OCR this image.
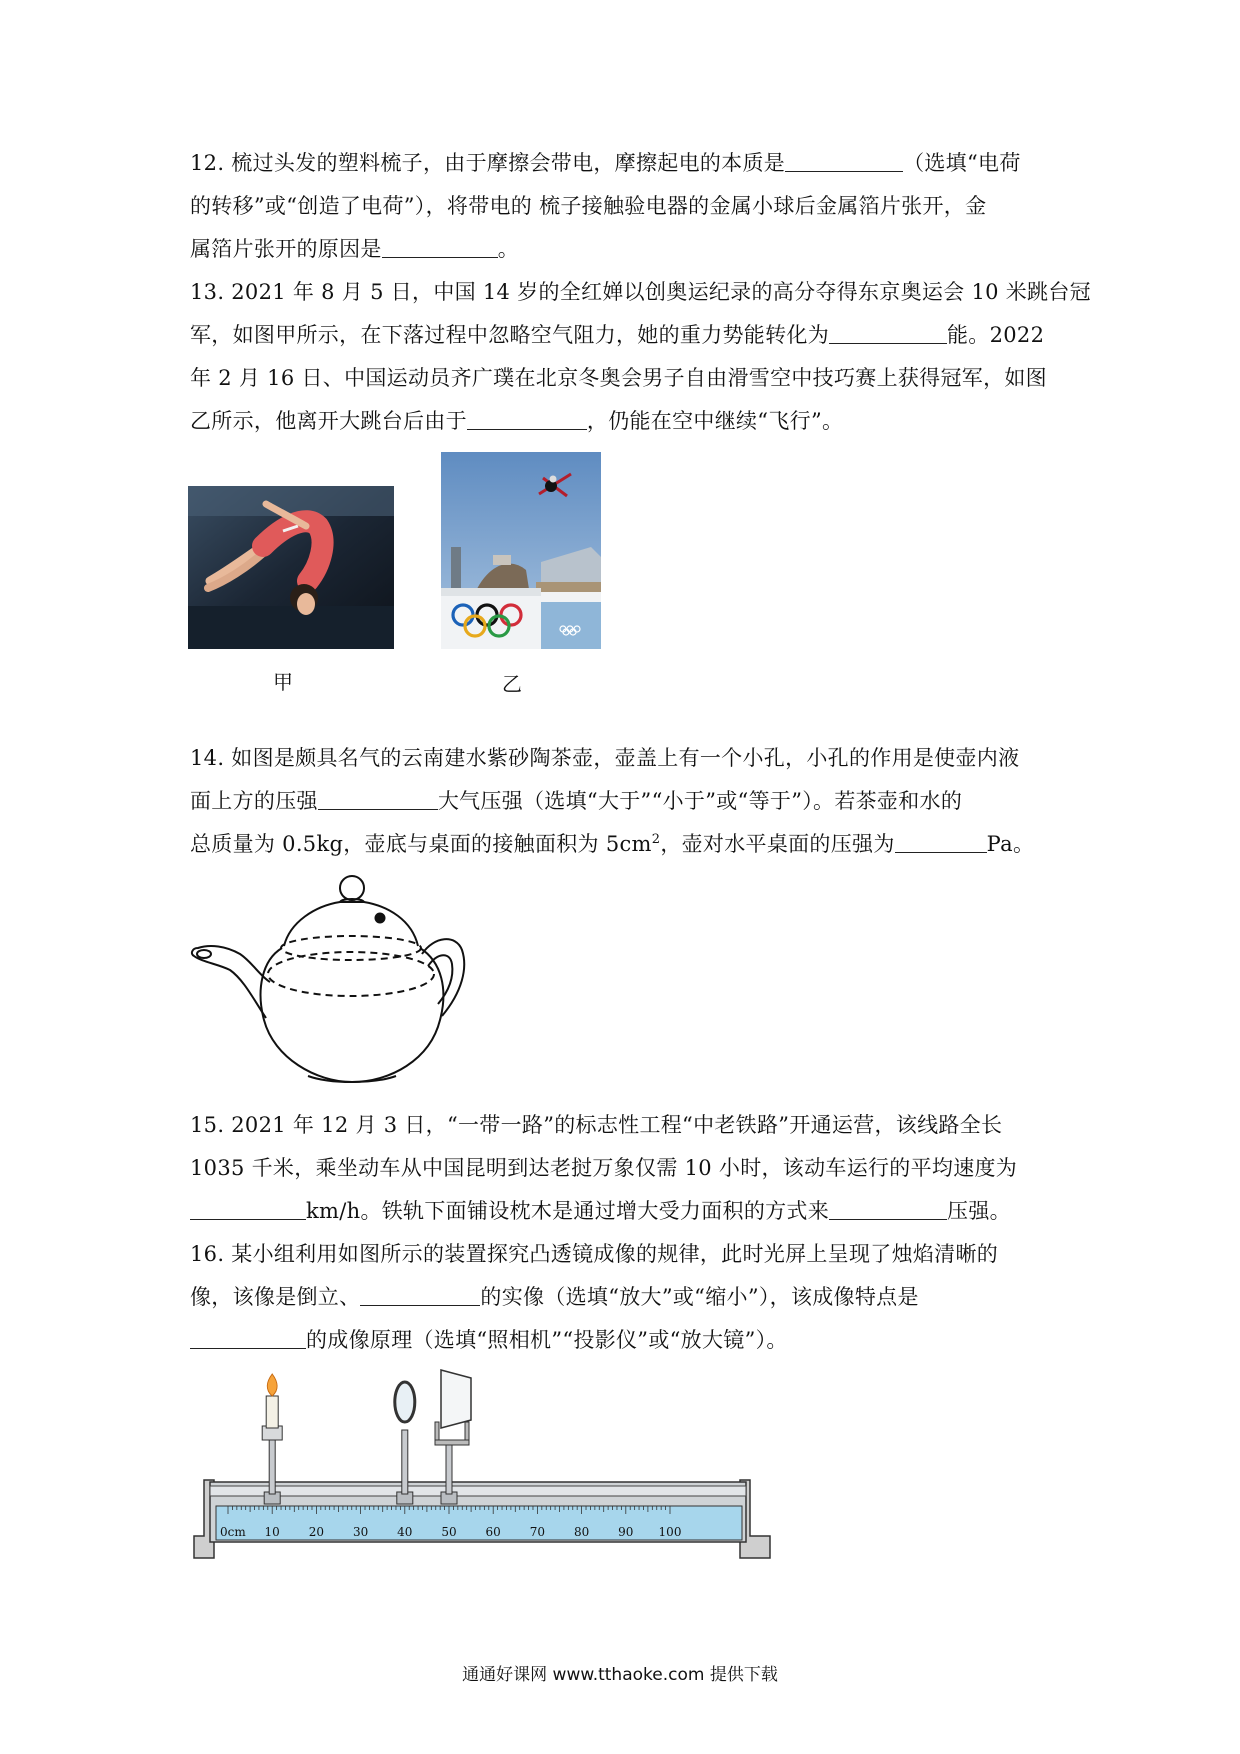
12. 梳过头发的塑料梳子，由于摩擦会带电，摩擦起电的本质是	（选填“电荷
的转移”或“创造了电荷”），将带电的 梳子接触验电器的金属小球后金属箔片张开，金
属箔片张开的原因是	。
13. 2021 年 8 月 5 日，中国 14 岁的全红婵以创奥运纪录的高分夺得东京奥运会 10 米跳台冠
军，如图甲所示，在下落过程中忽略空气阻力，她的重力势能转化为	能。2022
年 2 月 16 日、中国运动员齐广璞在北京冬奥会男子自由滑雪空中技巧赛上获得冠军，如图
乙所示，他离开大跳台后由于	，仍能在空中继续“飞行”。
甲	乙
14. 如图是颇具名气的云南建水紫砂陶茶壶，壶盖上有一个小孔，小孔的作用是使壶内液
面上方的压强	大气压强（选填“大于”“小于”或“等于”）。若茶壶和水的
总质量为 0.5kg，壶底与桌面的接触面积为 $5cm^2$，壶对水平桌面的压强为	Pa。
15. 2021 年 12 月 3 日，“一带一路”的标志性工程“中老铁路”开通运营，该线路全长
1035 千米，乘坐动车从中国昆明到达老挝万象仅需 10 小时，该动车运行的平均速度为
km/h。铁轨下面铺设枕木是通过增大受力面积的方式来	压强。
16. 某小组利用如图所示的装置探究凸透镜成像的规律，此时光屏上呈现了烛焰清晰的
像，该像是倒立、	的实像（选填“放大”或“缩小”），该成像特点是
的成像原理（选填“照相机”“投影仪”或“放大镜”）。
0cm 10 20 30 40 50 60 70 80 90 100
通通好课网 www.tthaoke.com 提供下载
